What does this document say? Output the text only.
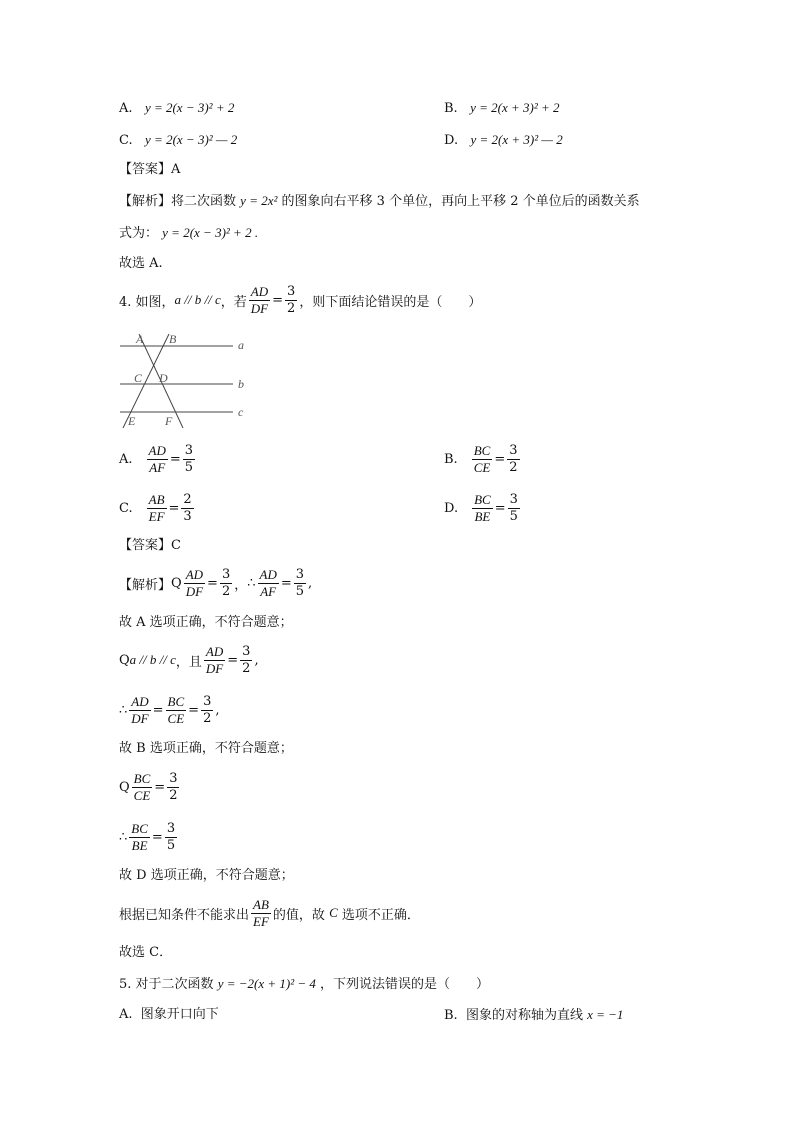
A. y = 2(x − 3)² + 2	B. y = 2(x + 3)² + 2
C. y = 2(x − 3)² — 2	D. y = 2(x + 3)² — 2
【答案】A
【解析】将二次函数 y = 2x² 的图象向右平移 3 个单位，再向上平移 2 个单位后的函数关系
式为： y = 2(x − 3)² + 2 .
故选 A.
4. 如图， a // b // c ，若 $\frac{AD}{DF} = \frac{3}{2}$ ，则下面结论错误的是（　　）
A B
C D
E F
a
b
c
A. $\frac{AD}{AF} = \frac{3}{5}$	B. $\frac{BC}{CE} = \frac{3}{2}$
C. $\frac{AB}{EF} = \frac{2}{3}$	D. $\frac{BC}{BE} = \frac{3}{5}$
【答案】C
【解析】 Q $\frac{AD}{DF} = \frac{3}{2}$ ， ∴ $\frac{AD}{AF} = \frac{3}{5}$ ,
故 A 选项正确，不符合题意；
Q a // b // c ，且 $\frac{AD}{DF} = \frac{3}{2}$ ,
∴ $\frac{AD}{DF} = \frac{BC}{CE} = \frac{3}{2}$ ,
故 B 选项正确，不符合题意；
Q $\frac{BC}{CE} = \frac{3}{2}$
∴ $\frac{BC}{BE} = \frac{3}{5}$
故 D 选项正确，不符合题意；
根据已知条件不能求出 $\frac{AB}{EF}$ 的值，故
C
选项不正确．
故选 C．
5. 对于二次函数 y = −2(x + 1)² − 4 ，下列说法错误的是（　　）
A. 图象开口向下	B. 图象的对称轴为直线 x = −1
